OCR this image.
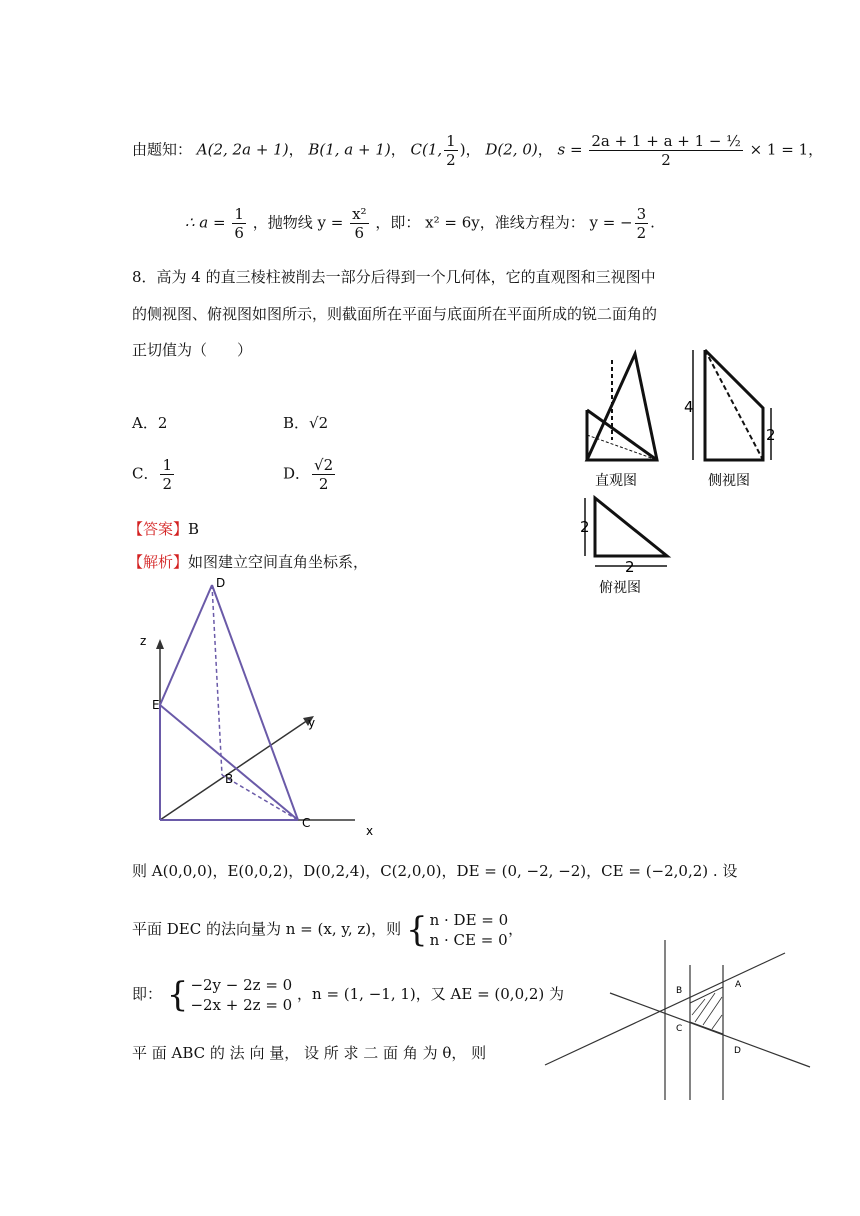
由题知： A(2, 2a + 1)， B(1, a + 1)， C(1, $\frac{1}{2}$ )， D(2, 0)， $s = \frac{\text{2a + 1 + a + 1 − ½}}{2} \times 1 = 1$，
∴ $a = \frac{1}{6}$ ，抛物线 $y = \frac{\text{x²}}{6}$ ，即： x² = 6y，准线方程为： y = − $\frac{3}{2}$ .
8．高为 4 的直三棱柱被削去一部分后得到一个几何体，它的直观图和三视图中
的侧视图、俯视图如图所示，则截面所在平面与底面所在平面所成的锐二面角的
正切值为（　　）
A．2	B．√2
C． $\frac{1}{2}$	D． $\frac{√2}{2}$
【答案】B
【解析】如图建立空间直角坐标系，
直观图
4
2
侧视图
2
2
俯视图
D
E
B
C
z
y
x
则 A(0,0,0)，E(0,0,2)，D(0,2,4)，C(2,0,0)，DE = (0, −2, −2)，CE = (−2,0,2) . 设
平面 DEC 的法向量为 n = (x, y, z)，则 { n · DE = 0
n · CE = 0，
即： { −2y − 2z = 0
−2x + 2z = 0 ，n = (1, −1, 1)，又 AE = (0,0,2) 为
平 面 ABC 的 法 向 量， 设 所 求 二 面 角 为 θ， 则
B
A
C
D
